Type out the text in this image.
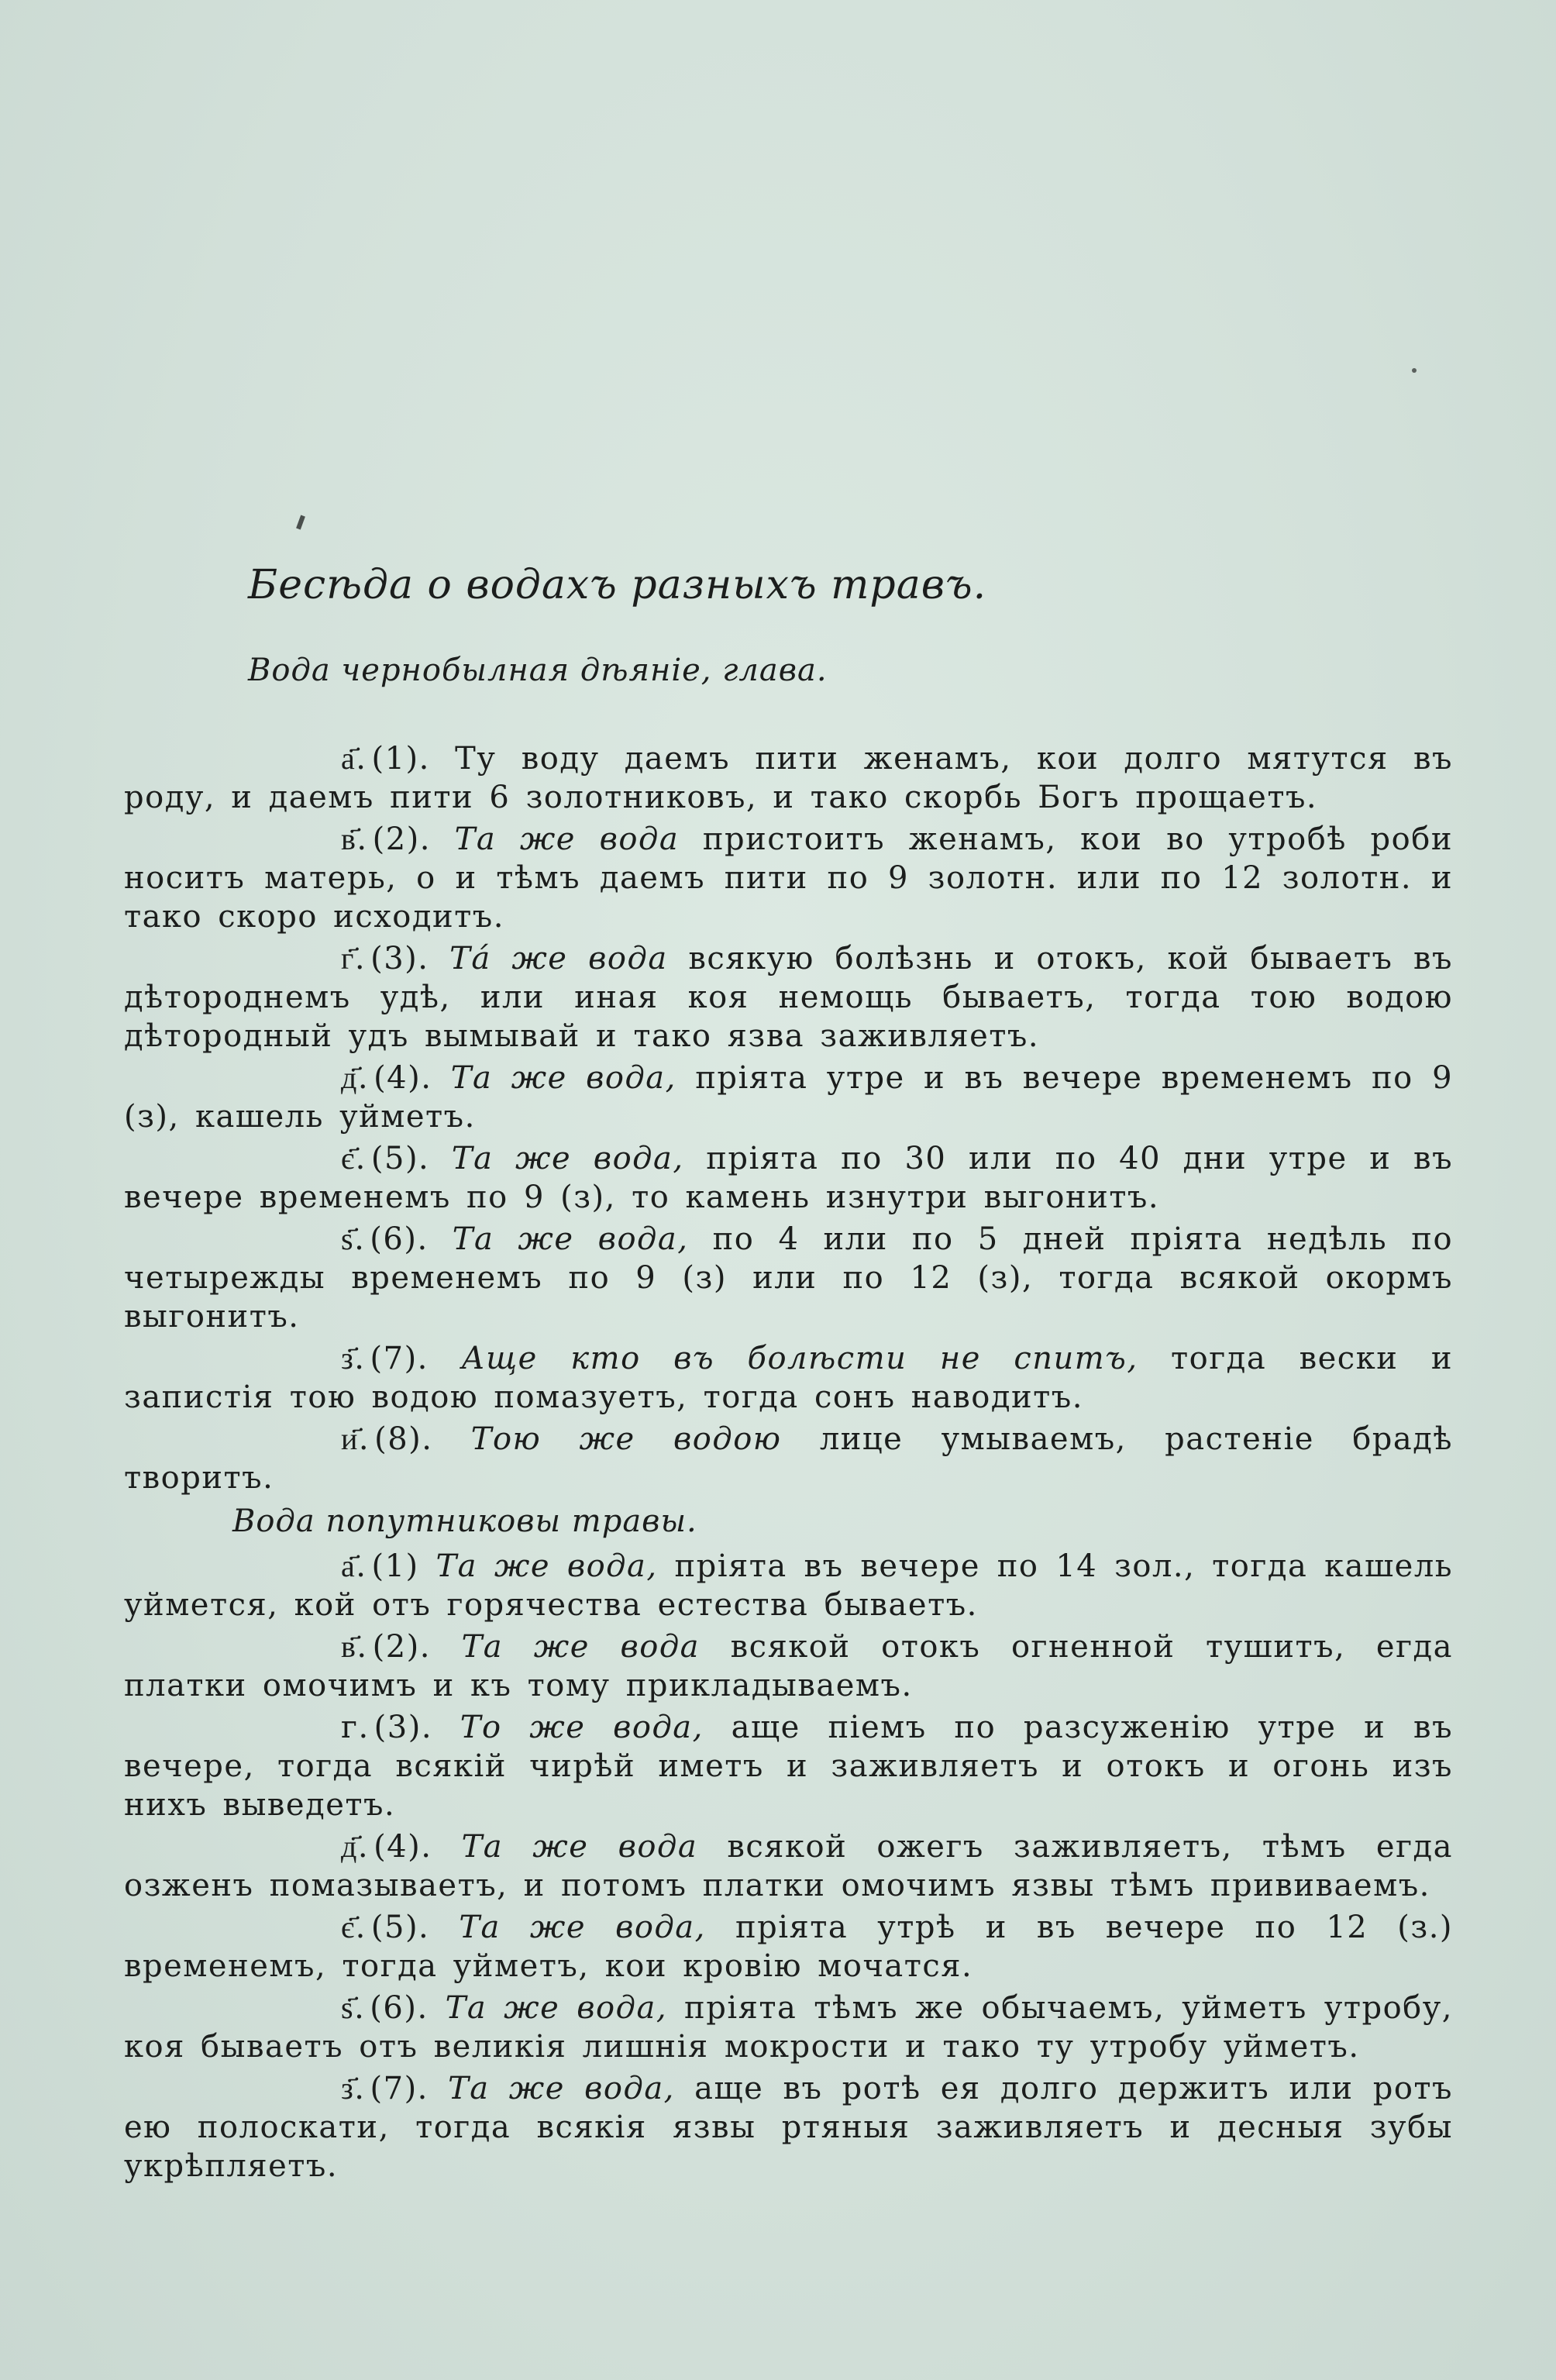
Бесѣда о водахъ разныхъ травъ.
Вода чернобылная дѣяніе, глава.

а҃. (1). Ту воду даемъ пити женамъ, кои долго мятутся въ роду, и даемъ пити 6 золотниковъ, и тако скорбь Богъ прощаетъ.

в҃. (2). Та же вода пристоитъ женамъ, кои во утробѣ роби носитъ матерь, о и тѣмъ даемъ пити по 9 золотн. или по 12 золотн. и тако скоро исходитъ.

г҃. (3). Тá же вода всякую болѣзнь и отокъ, кой бываетъ въ дѣтороднемъ удѣ, или иная коя немощь бываетъ, тогда тою водою дѣтородный удъ вымывай и тако язва заживляетъ.

д҃. (4). Та же вода, пріята утре и въ вечере временемъ по 9 (з), кашель уйметъ.

є҃. (5). Та же вода, пріята по 30 или по 40 дни утре и въ вечере временемъ по 9 (з), то камень изнутри выгонитъ.

ѕ҃. (6). Та же вода, по 4 или по 5 дней пріята недѣль по четырежды временемъ по 9 (з) или по 12 (з), тогда всякой окормъ выгонитъ.

з҃. (7). Аще кто въ болѣсти не спитъ, тогда вески и запистія тою водою помазуетъ, тогда сонъ наводитъ.

и҃. (8). Тою же водою лице умываемъ, растеніе брадѣ творитъ.

Вода попутниковы травы.

а҃. (1) Та же вода, пріята въ вечере по 14 зол., тогда кашель уймется, кой отъ горячества естества бываетъ.

в҃. (2). Та же вода всякой отокъ огненной тушитъ, егда платки омочимъ и къ тому прикладываемъ.

г. (3). То же вода, аще піемъ по разсуженію утре и въ вечере, тогда всякій чирѣй иметъ и заживляетъ и отокъ и огонь изъ нихъ выведетъ.

д҃. (4). Та же вода всякой ожегъ заживляетъ, тѣмъ егда озженъ помазываетъ, и потомъ платки омочимъ язвы тѣмъ прививаемъ.

є҃. (5). Та же вода, пріята утрѣ и въ вечере по 12 (з.) временемъ, тогда уйметъ, кои кровію мочатся.

ѕ҃. (6). Та же вода, пріята тѣмъ же обычаемъ, уйметъ утробу, коя бываетъ отъ великія лишнія мокрости и тако ту утробу уйметъ.

з҃. (7). Та же вода, аще въ ротѣ ея долго держитъ или ротъ ею полоскати, тогда всякія язвы ртяныя заживляетъ и десныя зубы укрѣпляетъ.
